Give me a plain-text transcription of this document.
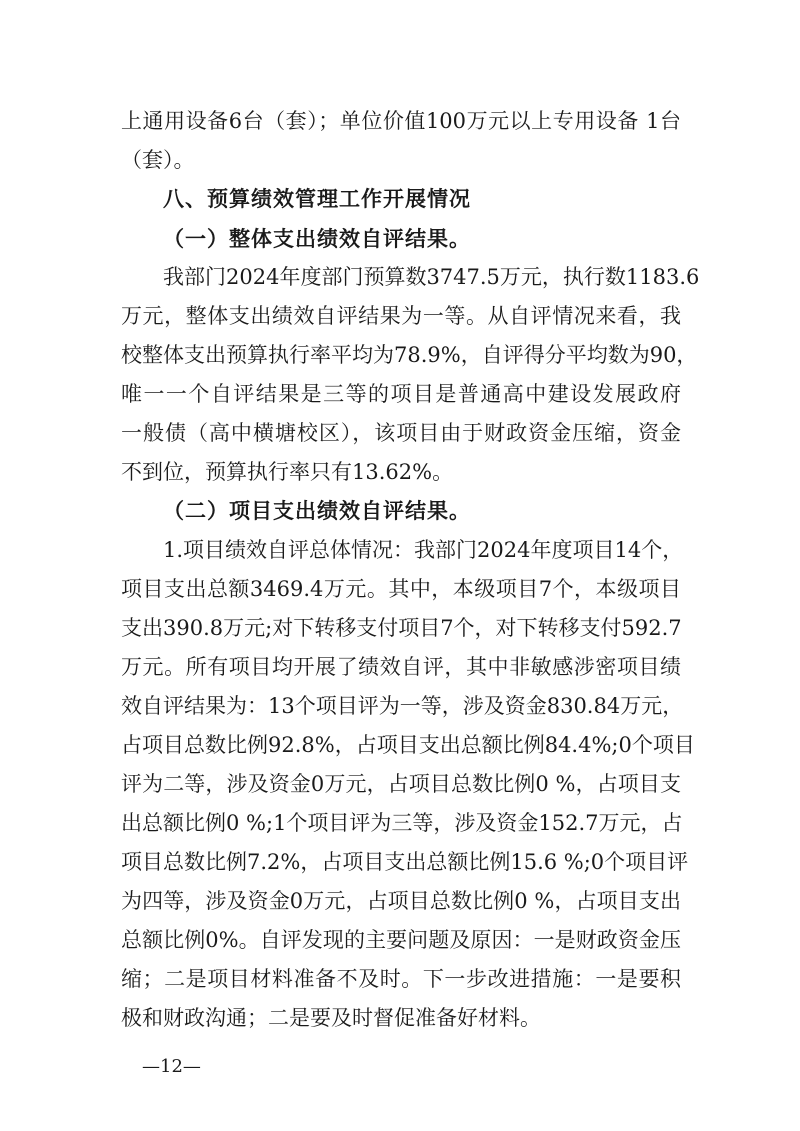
上通用设备6台（套）；单位价值100万元以上专用设备 1台
（套）。
八、预算绩效管理工作开展情况
（一）整体支出绩效自评结果。
我部门2024年度部门预算数3747.5万元，执行数1183.6
万元，整体支出绩效自评结果为一等。从自评情况来看，我
校整体支出预算执行率平均为78.9%，自评得分平均数为90，
唯一一个自评结果是三等的项目是普通高中建设发展政府
一般债（高中横塘校区），该项目由于财政资金压缩，资金
不到位，预算执行率只有13.62%。
（二）项目支出绩效自评结果。
1.项目绩效自评总体情况：我部门2024年度项目14个，
项目支出总额3469.4万元。其中，本级项目7个，本级项目
支出390.8万元;对下转移支付项目7个，对下转移支付592.7
万元。所有项目均开展了绩效自评，其中非敏感涉密项目绩
效自评结果为：13个项目评为一等，涉及资金830.84万元，
占项目总数比例92.8%，占项目支出总额比例84.4%;0个项目
评为二等，涉及资金0万元，占项目总数比例0 %，占项目支
出总额比例0 %;1个项目评为三等，涉及资金152.7万元，占
项目总数比例7.2%，占项目支出总额比例15.6 %;0个项目评
为四等，涉及资金0万元，占项目总数比例0 %，占项目支出
总额比例0%。自评发现的主要问题及原因：一是财政资金压
缩；二是项目材料准备不及时。下一步改进措施：一是要积
极和财政沟通；二是要及时督促准备好材料。
—12—
